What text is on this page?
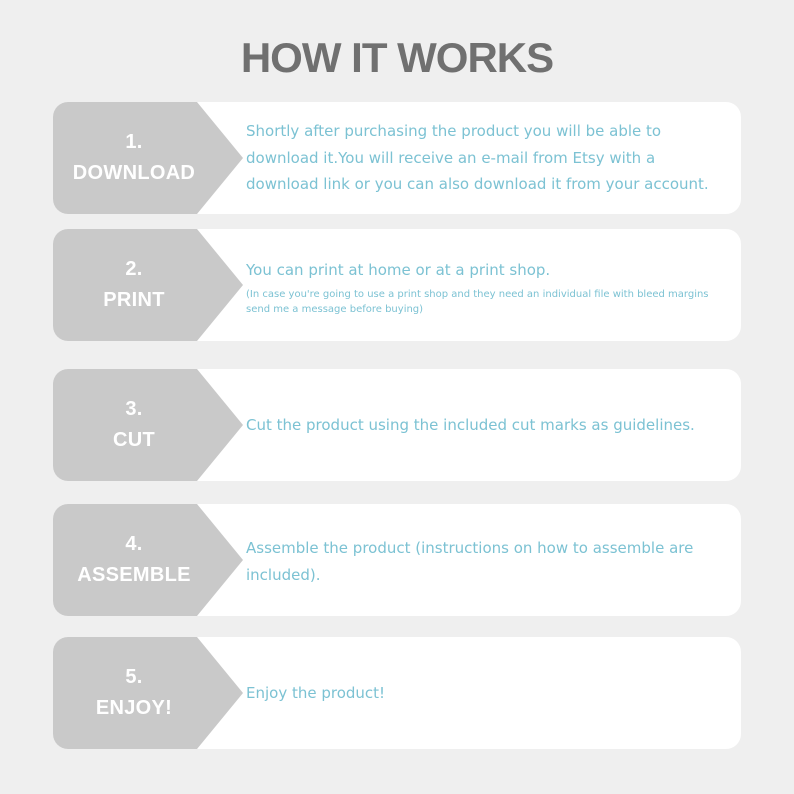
HOW IT WORKS
1.
DOWNLOAD
Shortly after purchasing the product you will be able to download it.You will receive an e-mail from Etsy with a download link or you can also download it from your account.
2.
PRINT
You can print at home or at a print shop.
(In case you're going to use a print shop and they need an individual file with bleed margins send me a message before buying)
3.
CUT
Cut the product using the included cut marks as guidelines.
4.
ASSEMBLE
Assemble the product (instructions on how to assemble are included).
5.
ENJOY!
Enjoy the product!
